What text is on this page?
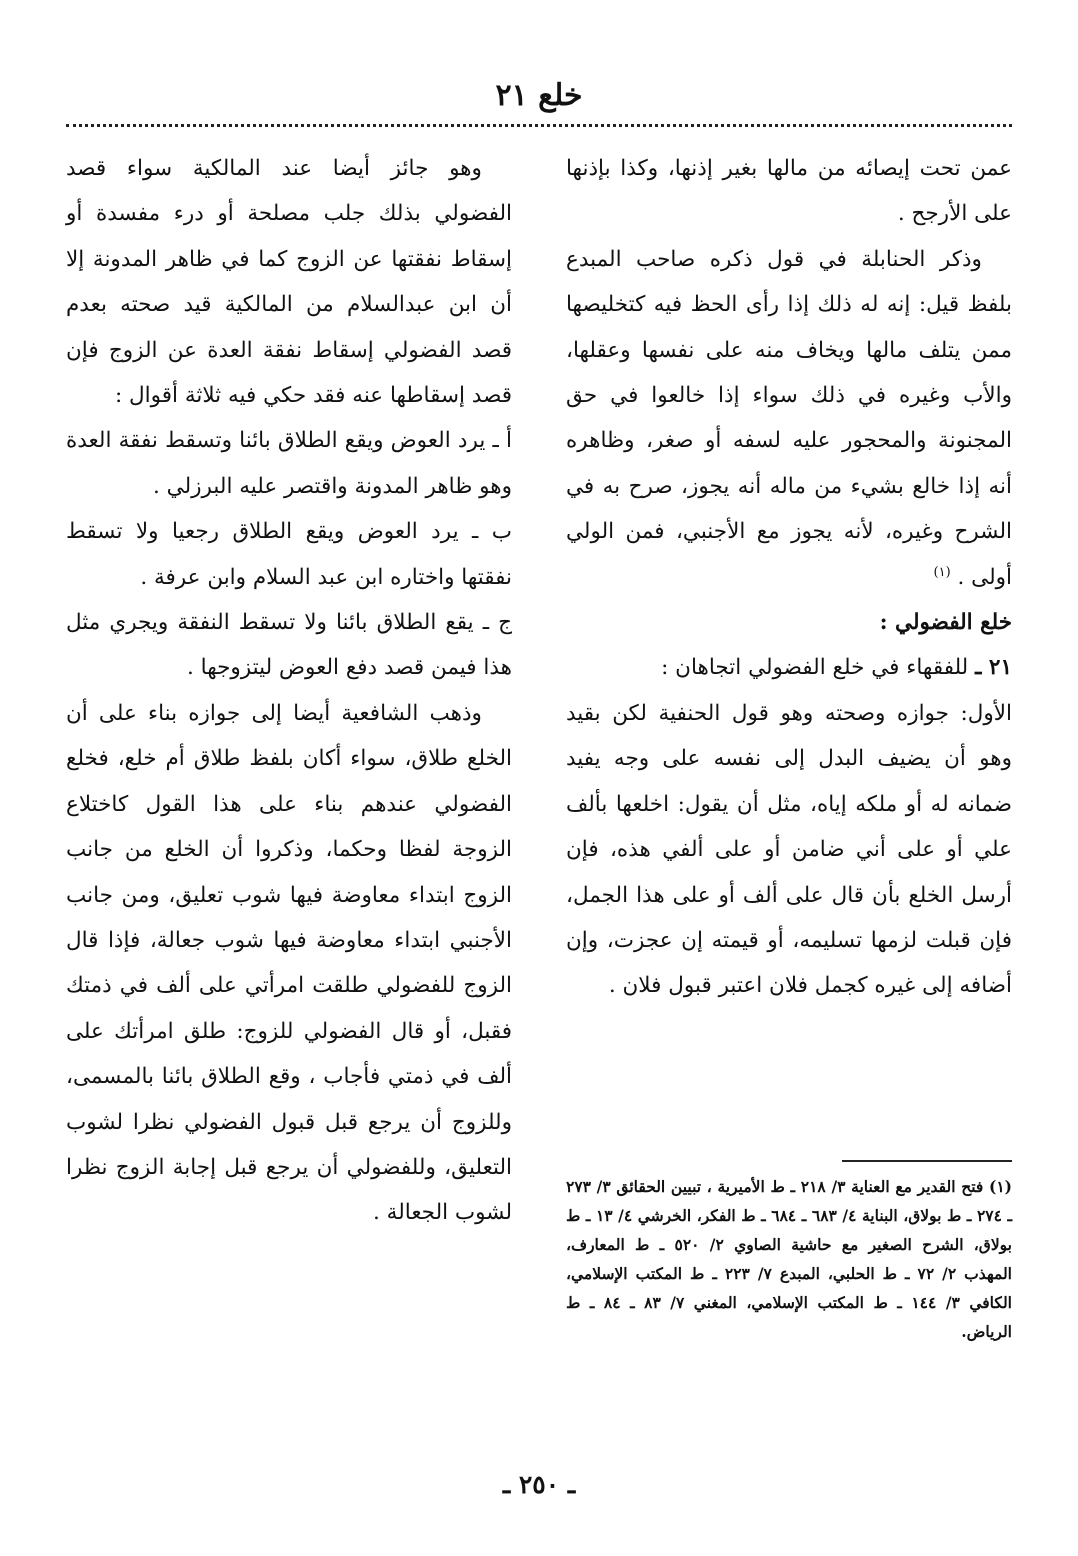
خلع ٢١

عمن تحت إيصائه من مالها بغير إذنها، وكذا بإذنها على الأرجح .

وذكر الحنابلة في قول ذكره صاحب المبدع بلفظ قيل: إنه له ذلك إذا رأى الحظ فيه كتخليصها ممن يتلف مالها ويخاف منه على نفسها وعقلها، والأب وغيره في ذلك سواء إذا خالعوا في حق المجنونة والمحجور عليه لسفه أو صغر، وظاهره أنه إذا خالع بشيء من ماله أنه يجوز، صرح به في الشرح وغيره، لأنه يجوز مع الأجنبي، فمن الولي أولى . $^{(١)}$

خلع الفضولي :

٢١ ـ للفقهاء في خلع الفضولي اتجاهان :

الأول: جوازه وصحته وهو قول الحنفية لكن بقيد وهو أن يضيف البدل إلى نفسه على وجه يفيد ضمانه له أو ملكه إياه، مثل أن يقول: اخلعها بألف علي أو على أني ضامن أو على ألفي هذه، فإن أرسل الخلع بأن قال على ألف أو على هذا الجمل، فإن قبلت لزمها تسليمه، أو قيمته إن عجزت، وإن أضافه إلى غيره كجمل فلان اعتبر قبول فلان .

وهو جائز أيضا عند المالكية سواء قصد الفضولي بذلك جلب مصلحة أو درء مفسدة أو إسقاط نفقتها عن الزوج كما في ظاهر المدونة إلا أن ابن عبدالسلام من المالكية قيد صحته بعدم قصد الفضولي إسقاط نفقة العدة عن الزوج فإن قصد إسقاطها عنه فقد حكي فيه ثلاثة أقوال :

أ ـ يرد العوض ويقع الطلاق بائنا وتسقط نفقة العدة وهو ظاهر المدونة واقتصر عليه البرزلي .

ب ـ يرد العوض ويقع الطلاق رجعيا ولا تسقط نفقتها واختاره ابن عبد السلام وابن عرفة .

ج ـ يقع الطلاق بائنا ولا تسقط النفقة ويجري مثل هذا فيمن قصد دفع العوض ليتزوجها .

وذهب الشافعية أيضا إلى جوازه بناء على أن الخلع طلاق، سواء أكان بلفظ طلاق أم خلع، فخلع الفضولي عندهم بناء على هذا القول كاختلاع الزوجة لفظا وحكما، وذكروا أن الخلع من جانب الزوج ابتداء معاوضة فيها شوب تعليق، ومن جانب الأجنبي ابتداء معاوضة فيها شوب جعالة، فإذا قال الزوج للفضولي طلقت امرأتي على ألف في ذمتك فقبل، أو قال الفضولي للزوج: طلق امرأتك على ألف في ذمتي فأجاب ، وقع الطلاق بائنا بالمسمى، وللزوج أن يرجع قبل قبول الفضولي نظرا لشوب التعليق، وللفضولي أن يرجع قبل إجابة الزوج نظرا لشوب الجعالة .

(١) فتح القدير مع العناية ٣/ ٢١٨ ـ ط الأميرية ، تبيين الحقائق ٣/ ٢٧٣ ـ ٢٧٤ ـ ط بولاق، البناية ٤/ ٦٨٣ ـ ٦٨٤ ـ ط الفكر، الخرشي ٤/ ١٣ ـ ط بولاق، الشرح الصغير مع حاشية الصاوي ٢/ ٥٢٠ ـ ط المعارف، المهذب ٢/ ٧٢ ـ ط الحلبي، المبدع ٧/ ٢٢٣ ـ ط المكتب الإسلامي، الكافي ٣/ ١٤٤ ـ ط المكتب الإسلامي، المغني ٧/ ٨٣ ـ ٨٤ ـ ط الرياض.

ـ ٢٥٠ ـ
